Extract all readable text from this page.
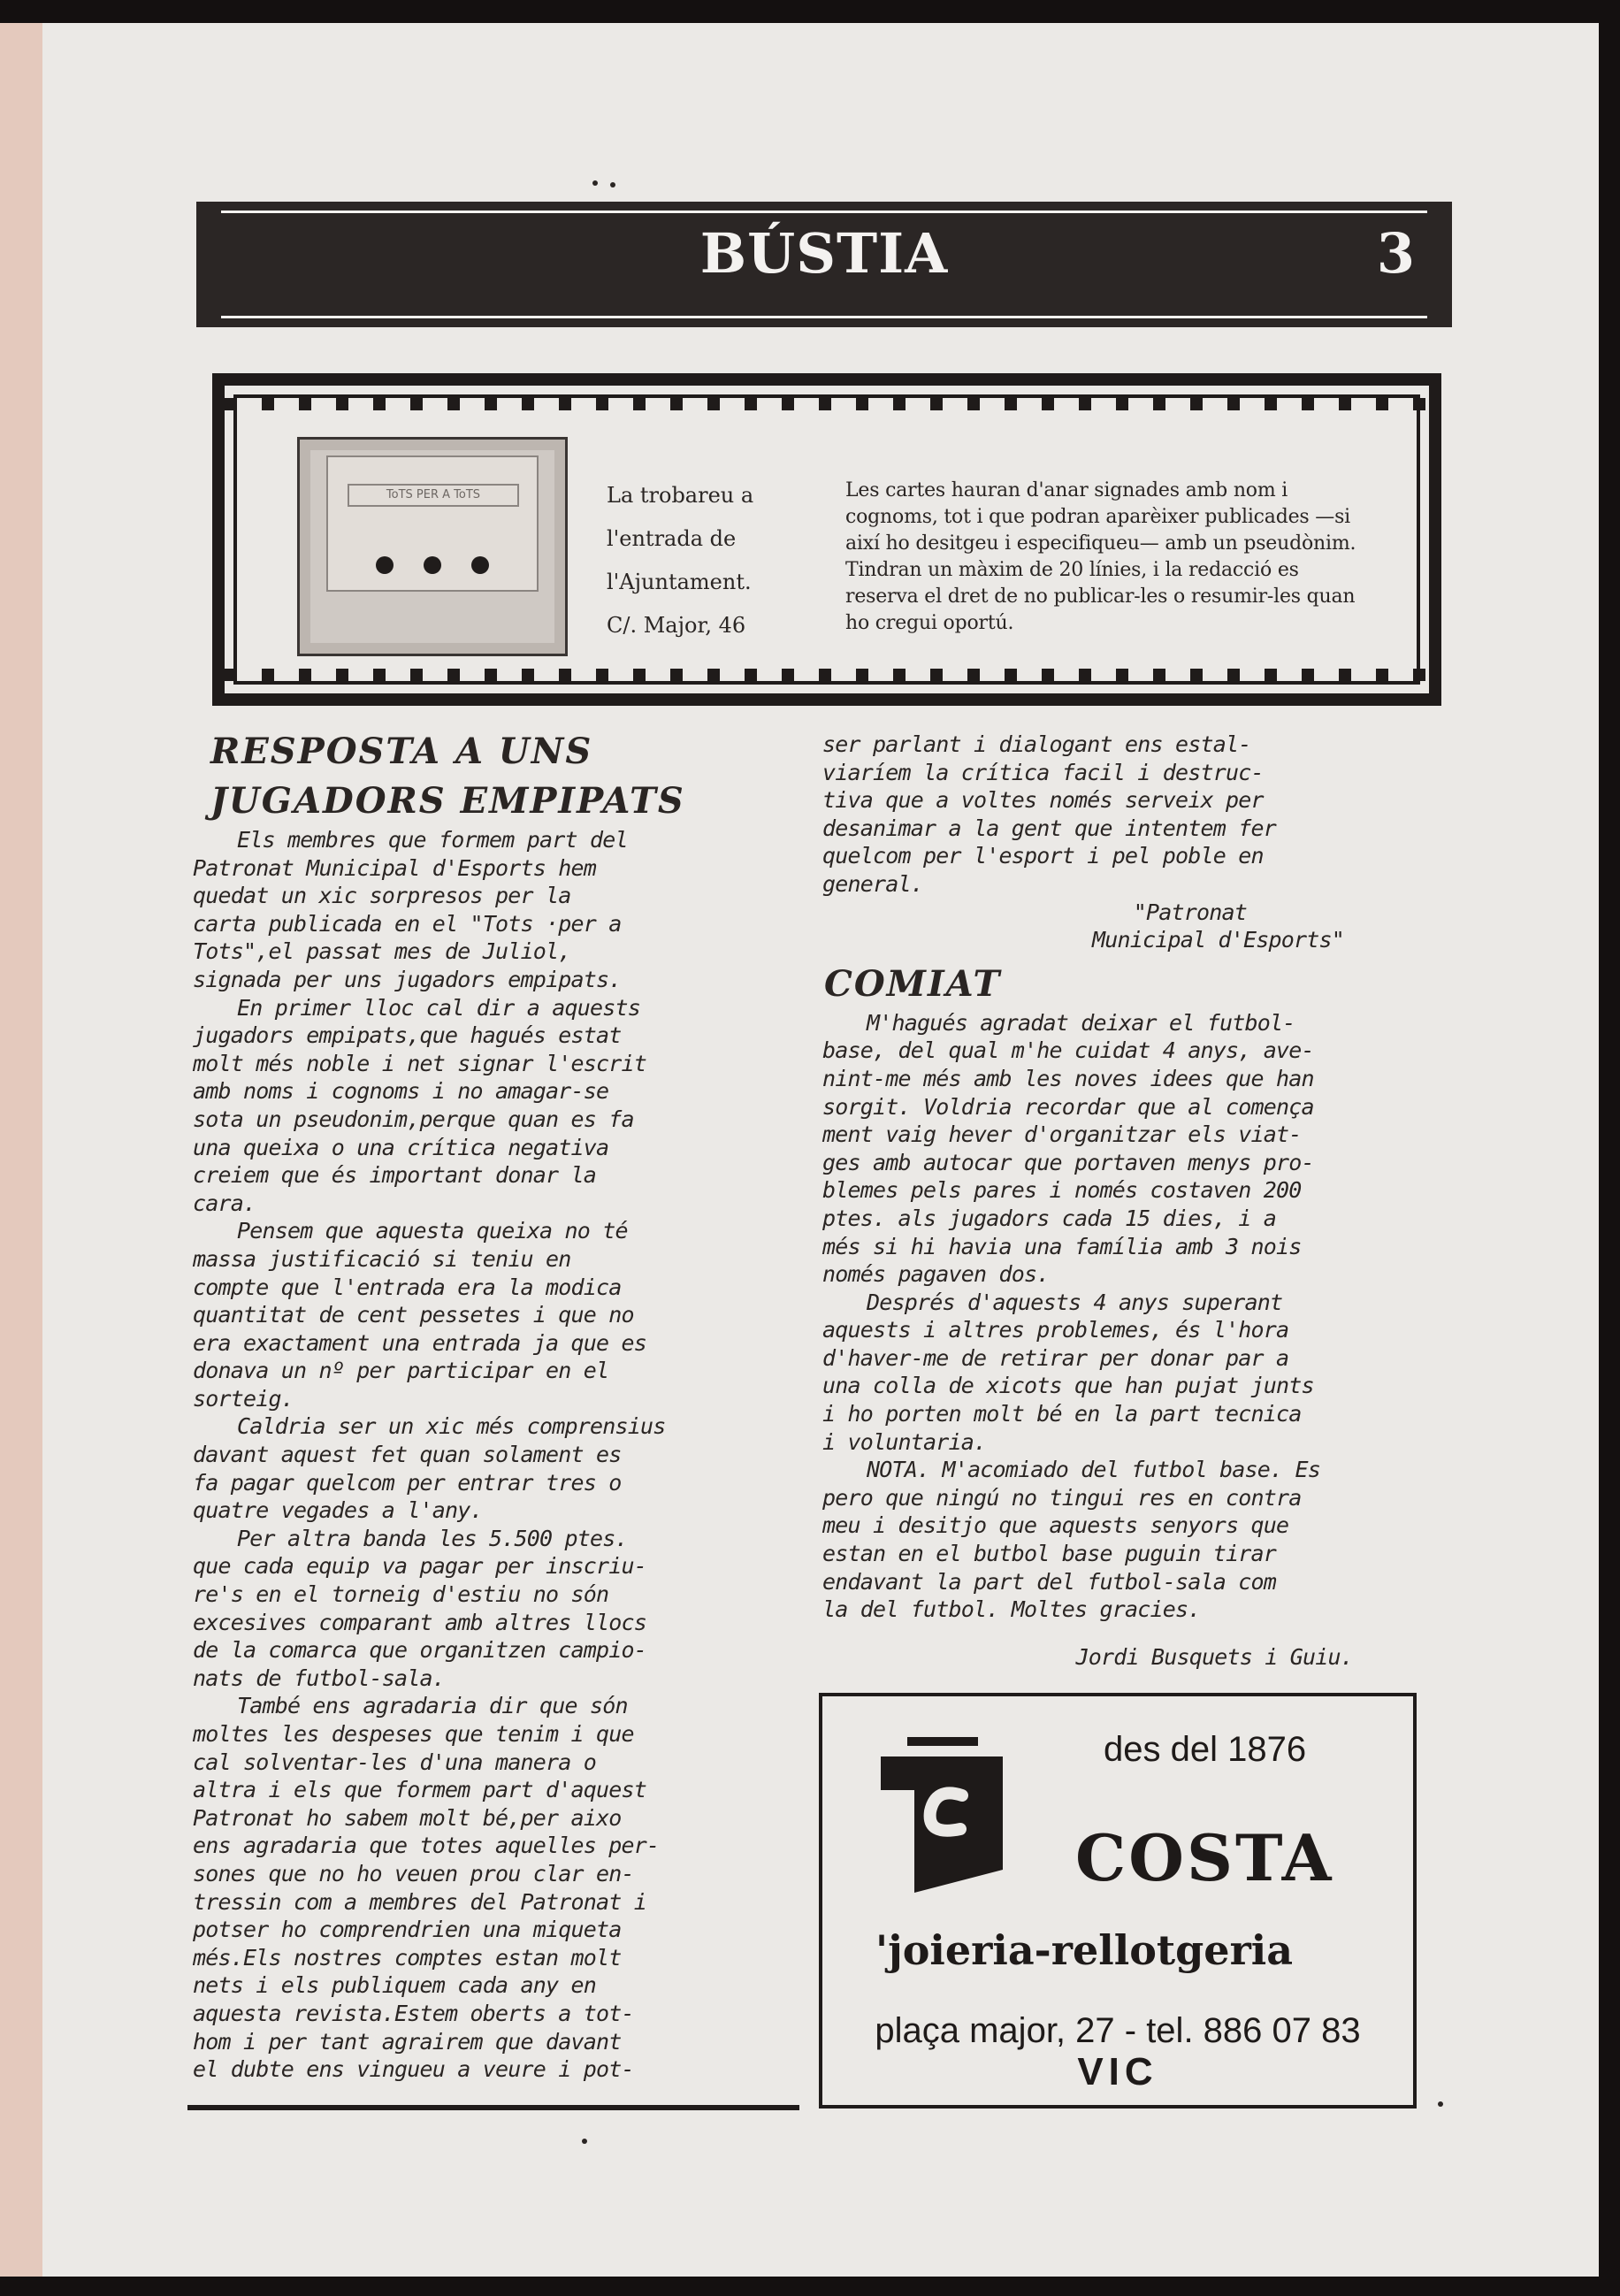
BÚSTIA	3
ToTS PER A ToTS	La trobareu a
l'entrada de
l'Ajuntament.
C/. Major, 46
Les cartes hauran d'anar signades amb nom i cognoms, tot i que podran aparèixer publicades —si així ho desitgeu i especifiqueu— amb un pseudònim. Tindran un màxim de 20 línies, i la redacció es reserva el dret de no publicar-les o resumir-les quan ho cregui oportú.
RESPOSTA A UNS
JUGADORS EMPIPATS

Els membres que formem part del
Patronat Municipal d'Esports hem
quedat un xic sorpresos per la
carta publicada en el "Tots ·per a
Tots",el passat mes de Juliol,
signada per uns jugadors empipats.

En primer lloc cal dir a aquests
jugadors empipats,que hagués estat
molt més noble i net signar l'escrit
amb noms i cognoms i no amagar-se
sota un pseudonim,perque quan es fa
una queixa o una crítica negativa
creiem que és important donar la
cara.

Pensem que aquesta queixa no té
massa justificació si teniu en
compte que l'entrada era la modica
quantitat de cent pessetes i que no
era exactament una entrada ja que es
donava un nº per participar en el
sorteig.

Caldria ser un xic més comprensius
davant aquest fet quan solament es
fa pagar quelcom per entrar tres o
quatre vegades a l'any.

Per altra banda les 5.500 ptes.
que cada equip va pagar per inscriu-
re's en el torneig d'estiu no són
excesives comparant amb altres llocs
de la comarca que organitzen campio-
nats de futbol-sala.

També ens agradaria dir que són
moltes les despeses que tenim i que
cal solventar-les d'una manera o
altra i els que formem part d'aquest
Patronat ho sabem molt bé,per aixo
ens agradaria que totes aquelles per-
sones que no ho veuen prou clar en-
tressin com a membres del Patronat i
potser ho comprendrien una miqueta
més.Els nostres comptes estan molt
nets i els publiquem cada any en
aquesta revista.Estem oberts a tot-
hom i per tant agrairem que davant
el dubte ens vingueu a veure i pot-

ser parlant i dialogant ens estal-
viaríem la crítica facil i destruc-
tiva que a voltes només serveix per
desanimar a la gent que intentem fer
quelcom per l'esport i pel poble en
general.

"Patronat
Municipal d'Esports"
COMIAT

M'hagués agradat deixar el futbol-
base, del qual m'he cuidat 4 anys, ave-
nint-me més amb les noves idees que han
sorgit. Voldria recordar que al comença
ment vaig hever d'organitzar els viat-
ges amb autocar que portaven menys pro-
blemes pels pares i només costaven 200
ptes. als jugadors cada 15 dies, i a
més si hi havia una família amb 3 nois
només pagaven dos.

Després d'aquests 4 anys superant
aquests i altres problemes, és l'hora
d'haver-me de retirar per donar par a
una colla de xicots que han pujat junts
i ho porten molt bé en la part tecnica
i voluntaria.

NOTA. M'acomiado del futbol base. Es
pero que ningú no tingui res en contra
meu i desitjo que aquests senyors que
estan en el butbol base puguin tirar
endavant la part del futbol-sala com
la del futbol. Moltes gracies.

Jordi Busquets i Guiu.
des del 1876
COSTA
'joieria-rellotgeria
plaça major, 27 - tel. 886 07 83
VIC
